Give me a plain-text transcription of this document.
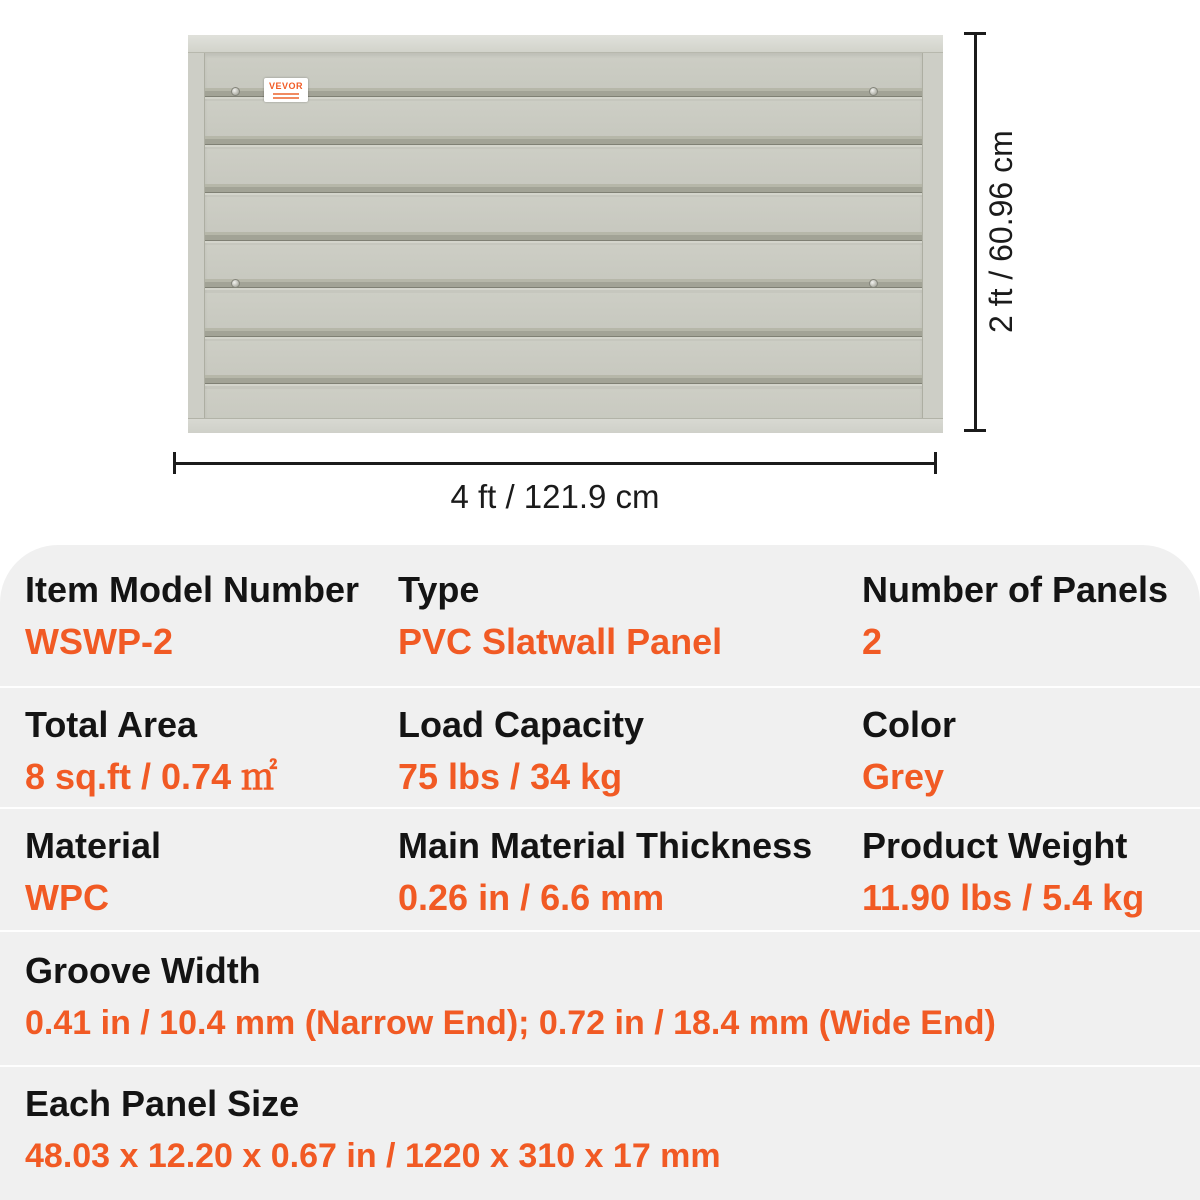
VEVOR
2 ft / 60.96 cm
4 ft / 121.9 cm
Item Model Number
WSWP-2
Type
PVC Slatwall Panel
Number of Panels
2
Total Area
8 sq.ft / 0.74 ㎡
Load Capacity
75 lbs / 34 kg
Color
Grey
Material
WPC
Main Material Thickness
0.26 in / 6.6 mm
Product Weight
11.90 lbs / 5.4 kg
Groove Width
0.41 in / 10.4 mm (Narrow End); 0.72 in / 18.4 mm (Wide End)
Each Panel Size
48.03 x 12.20 x 0.67 in / 1220 x 310 x 17 mm
